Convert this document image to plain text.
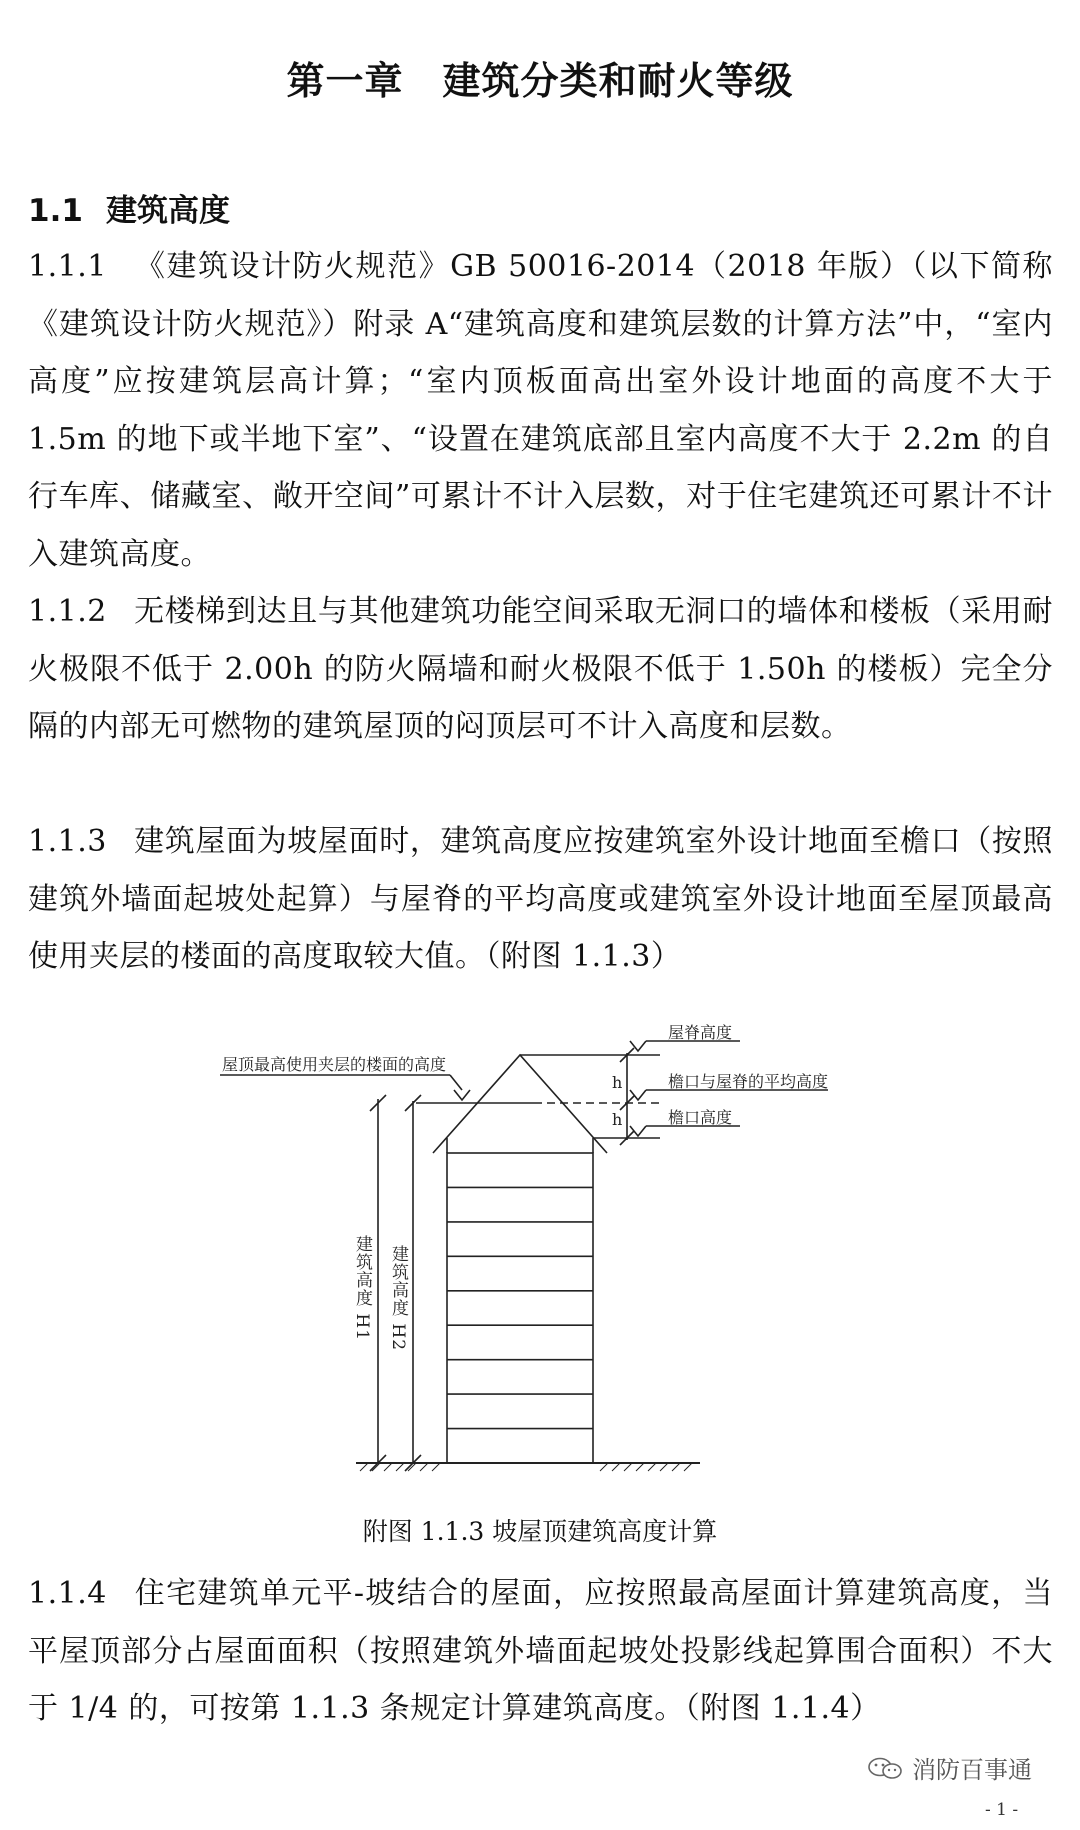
第一章　建筑分类和耐火等级
1.1 建筑高度
1.1.1 《建筑设计防火规范》GB 50016-2014（2018 年版）（以下简称《建筑设计防火规范》）附录 A“建筑高度和建筑层数的计算方法”中，“室内高度”应按建筑层高计算；“室内顶板面高出室外设计地面的高度不大于 1.5m 的地下或半地下室”、“设置在建筑底部且室内高度不大于 2.2m 的自行车库、储藏室、敞开空间”可累计不计入层数，对于住宅建筑还可累计不计入建筑高度。
1.1.2 无楼梯到达且与其他建筑功能空间采取无洞口的墙体和楼板（采用耐火极限不低于 2.00h 的防火隔墙和耐火极限不低于 1.50h 的楼板）完全分隔的内部无可燃物的建筑屋顶的闷顶层可不计入高度和层数。
1.1.3 建筑屋面为坡屋面时，建筑高度应按建筑室外设计地面至檐口（按照建筑外墙面起坡处起算）与屋脊的平均高度或建筑室外设计地面至屋顶最高使用夹层的楼面的高度取较大值。（附图 1.1.3）
屋顶最高使用夹层的楼面的高度
屋脊高度
檐口与屋脊的平均高度
檐口高度
h
h
建筑高度 H1 建筑高度 H2
附图 1.1.3 坡屋顶建筑高度计算
1.1.4 住宅建筑单元平-坡结合的屋面，应按照最高屋面计算建筑高度，当平屋顶部分占屋面面积（按照建筑外墙面起坡处投影线起算围合面积）不大于 1/4 的，可按第 1.1.3 条规定计算建筑高度。（附图 1.1.4）
消防百事通
- 1 -
